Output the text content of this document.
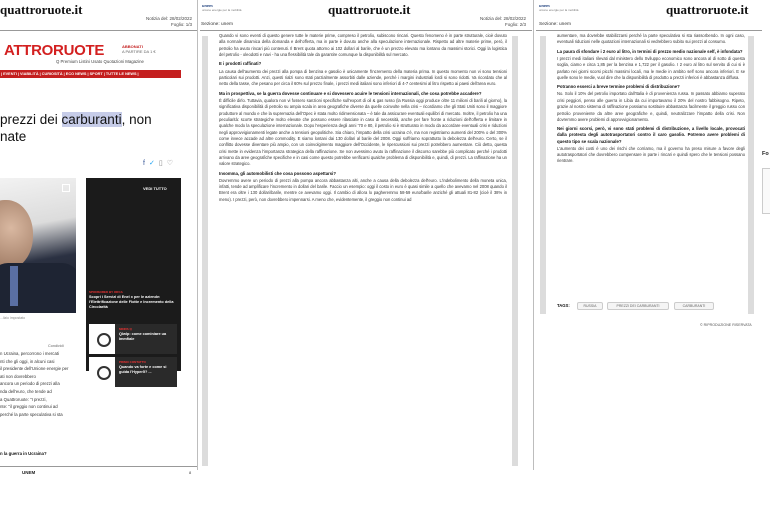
quattroruote.it
Notizia del: 28/02/2022
Foglio: 1/3
ATTRORUOTE	ABBONATI
A PARTIRE DA 1 €
Q Premium Listini Usato Quotazioni Magazine
| EVENTI | VIABILITÀ | CURIOSITÀ | ECO NEWS | SPORT | TUTTE LE NEWS |
prezzi dei carburanti, non
nate
f✓▯♡
...lizio impostato
VEDI TUTTO
SPONSORED BY ORCA
Scopri i Servizi di Enel x per le aziende: l'Elettrificazione delle Flotte e Incremento della Circolarità
MINDS Q
Qlwlp: come cominiare ua Immfiale
PRIMO CONTATTO
Quando va forte e come si guida l'Hyper5? ...
Condividi
n Ucraina, percorrono i mercati
nti che gli oggi, in alcuni casi
il presidente dell'Unione energie per
ati non dovrebbero
ancora un periodo di prezzi alla
nda dell'euro, che tende ad
a Quattroruote: "I prezzi,
nte: "il greggio non continui ad
perché la parte speculativa si sta
n la guerra in Ucraina?
UNEM	8
unem
unione energie per la mobilità	quattroruote.it
Sezione: unem
Notizia del: 28/02/2022
Foglio: 2/3

Quando vi sono eventi di questo genere tutte le materie prime, compreso il petrolio, subiscono rincari. Questo fenomeno è in parte strutturale, cioè dovuto alla normale dinamica della domanda e dell'offerta, ma in parte è dovuto anche alla speculazione internazionale. Rispetto ad altre materie prime, però, il petrolio ha avuto rincari più contenuti. Il Brent quota attorno ai 102 dollari al barile, che è un prezzo elevato ma lontano da massimi storici. Oggi la logistica del petrolio - oleodotti e navi - ha una flessibilità tale da garantire comunque la disponibilità sul mercato.

E i prodotti raffinati?

La causa dell'aumento dei prezzi alla pompa di benzina e gasolio è unicamente l'incremento della materia prima. In questo momento non vi sono tensioni particolari sui prodotti. Anzi, questi rialzi sono stati parzialmente assorbiti dalle aziende, perché i margini industriali lordi si sono ridotti. Va ricordato che al netto della tasse, che pesano per circa il 60% sul prezzo finale, i prezzi medi italiani sono inferiori di 4-7 centesimi al litro rispetto ai paesi dell'area euro.

Ma in prospettiva, se la guerra dovesse continuare e si dovessero acuire le tensioni internazionali, che cosa potrebbe accadere?

È difficile dirlo. Tuttavia, qualora non vi fossero sanzioni specifiche sull'export di oil & gas russo (la Russia oggi produce oltre 11 milioni di barili al giorno), la significativa disponibilità di petrolio su ampia scala in area geografiche diverse da quelle coinvolte nella crisi – ricordiamo che gli Stati Uniti sono il maggiore produttore al mondo e che la supremazia dell'Opec è stata molto ridimensionata – è tale da assicurare eventuali equilibri di mercato. Inoltre, il petrolio ha una peculiarità: scorte strategiche molto elevate che possono essere rilasciate in caso di necessità, anche per fare fronte a riduzioni dell'offerta e limitare in qualche modo la speculazione internazionale. Dopo l'esperienza degli anni '70 e 80, il petrolio si è strutturato in modo da accordare eventuali crisi e riduzioni negli approvvigionamenti legate anche a tensioni geopolitiche. Sia chiaro, l'impatto della crisi ucraina c'è, ma non registriamo aumenti del 200% o del 300% come invece accade ad altre commodity. E siamo lontani dai 130 dollari al barile del 2008. Oggi soffriamo soprattutto la debolezza dell'euro. Certo, se il conflitto dovesse diventare più ampio, con un coinvolgimento maggiore dell'Occidente, le ripercussioni sui prezzi potrebbero aumentare. Ciò detto, questa crisi mette in evidenza l'importanza strategica della raffinazione. Se non avessimo avuto la raffinazione il discorso sarebbe più complicato perché i prodotti arrivano da aree geografiche specifiche e in casi come questo potrebbe verificarsi qualche problema di disponibilità e, quindi, di prezzi. La raffinazione ha un valore strategico.

Insomma, gli automobilisti che cosa possono aspettarsi?

Dovremmo avere un periodo di prezzi alla pompa ancora abbastanza alti, anche a causa della debolezza dell'euro. L'indebolimento della moneta unica, infatti, tende ad amplificare l'incremento in dollari del barile. Faccio un esempio: oggi il costo in euro è quasi simile a quello che avevamo nel 2008 quando il Brent era oltre i 130 dollari/barile, mentre ce avevamo oggi. Il cambio di allora lo pagheremmo 58-59 euro/barile anziché gli attuali 81-82 (cioè il 38% in meno). I prezzi, però, non dovrebbero impennarsi. A meno che, evidentemente, il greggio non continui ad

unem
unione energie per la mobilità	quattroruote.it
Sezione: unem

aumentare, ma dovrebbe stabilizzarsi perché la parte speculativa si sta riassorbendo. In ogni caso, eventuali riduzioni nelle quotazioni internazionali si vedrebbero subito sui prezzi al consumo.

La paura di sfondare i 2 euro al litro, in termini di prezzo medio nazionale self, è infondata?

I prezzi medi italiani rilevati dal ministero dello Sviluppo economico sono ancora al di sotto di questa soglia, ciamo e circa 1,85 per la benzina e 1,722 per il gasolio. I 2 euro al litro sul servito di cui si è parlato nei giorni scorsi picchi massimi locali, ma le medie in ambito self sono ancora inferiori. E se quelle sono le medie, vuol dire che la disponibilità di prodotto a prezzi inferiori è abbastanza diffusa.

Potranno esserci a breve termine problemi di distribuzione?

No. Solo il 10% del petrolio importato dall'Italia è di provenienza russa. In passato abbiamo superato crisi peggiori, penso alle guerra in Libia da cui importavamo il 20% del nostro fabbisogno. Ripeto, grazie al nostro sistema di raffinazione possiamo sostituire abbastanza facilmente il greggio russo con petrolio proveniente da altre aree geografiche e, quindi, neutralizzare l'impatto della crisi. Non dovremmo avere problemi di approvvigionamento.

Nei giorni scorsi, però, vi sono stati problemi di distribuzione, a livello locale, provocati dalla protesta degli autotrasportatori contro il caro gasolio. Potremo avere problemi di questo tipo se scala nazionale?

L'aumento dei costi è uno dei rischi che corriamo, ma il governo ha preso misure a favore degli autotrasportatori che dovrebbero compensare in parte i rincari e quindi spero che le tensioni possano rientrare.

TAGS:	RUSSIA	PREZZI DEI CARBURANTI	CARBURANTI
© RIPRODUZIONE RISERVATA
Fo
